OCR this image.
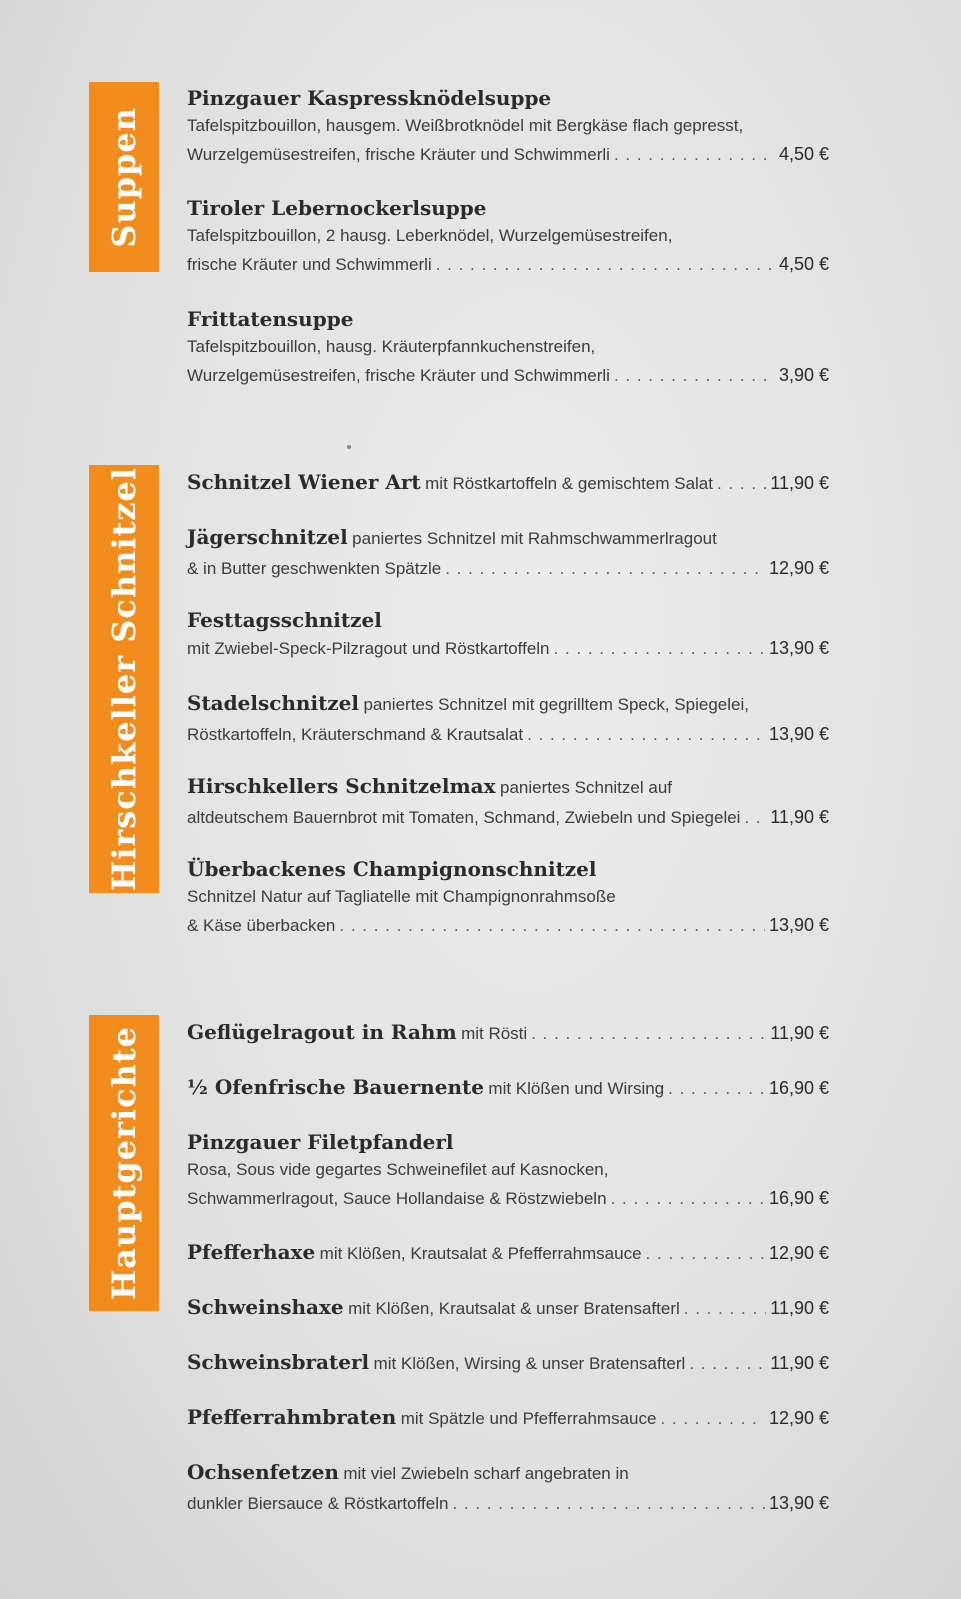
Suppen
Hirschkeller Schnitzel
Hauptgerichte
Pinzgauer Kaspressknödelsuppe
Tafelspitzbouillon, hausgem. Weißbrotknödel mit Bergkäse flach gepresst,
Wurzelgemüsestreifen, frische Kräuter und Schwimmerli . . .	4,50 €
Tiroler Lebernockerlsuppe
Tafelspitzbouillon, 2 hausg. Leberknödel, Wurzelgemüsestreifen,
frische Kräuter und Schwimmerli . . .	4,50 €
Frittatensuppe
Tafelspitzbouillon, hausg. Kräuterpfannkuchenstreifen,
Wurzelgemüsestreifen, frische Kräuter und Schwimmerli . . .	3,90 €
Schnitzel Wiener Art
mit Röstkartoffeln & gemischtem Salat . . .	11,90 €
Jägerschnitzel
paniertes Schnitzel mit Rahmschwammerlragout
& in Butter geschwenkten Spätzle . . .	12,90 €
Festtagsschnitzel
mit Zwiebel-Speck-Pilzragout und Röstkartoffeln . . .	13,90 €
Stadelschnitzel
paniertes Schnitzel mit gegrilltem Speck, Spiegelei,
Röstkartoffeln, Kräuterschmand & Krautsalat . . .	13,90 €
Hirschkellers Schnitzelmax
paniertes Schnitzel auf
altdeutschem Bauernbrot mit Tomaten, Schmand, Zwiebeln und Spiegelei . . . 11,90 €
Überbackenes Champignonschnitzel
Schnitzel Natur auf Tagliatelle mit Champignonrahmsoße
& Käse überbacken . . .	13,90 €
Geflügelragout in Rahm
mit Rösti . . .	11,90 €
½ Ofenfrische Bauernente
mit Klößen und Wirsing . . .	16,90 €
Pinzgauer Filetpfanderl
Rosa, Sous vide gegartes Schweinefilet auf Kasnocken,
Schwammerlragout, Sauce Hollandaise & Röstzwiebeln . . .	16,90 €
Pfefferhaxe
mit Klößen, Krautsalat & Pfefferrahmsauce . . .	12,90 €
Schweinshaxe
mit Klößen, Krautsalat & unser Bratensafterl . . .	11,90 €
Schweinsbraterl
mit Klößen, Wirsing & unser Bratensafterl . . .	11,90 €
Pfefferrahmbraten
mit Spätzle und Pfefferrahmsauce . . .	12,90 €
Ochsenfetzen
mit viel Zwiebeln scharf angebraten in
dunkler Biersauce & Röstkartoffeln . . .	13,90 €
